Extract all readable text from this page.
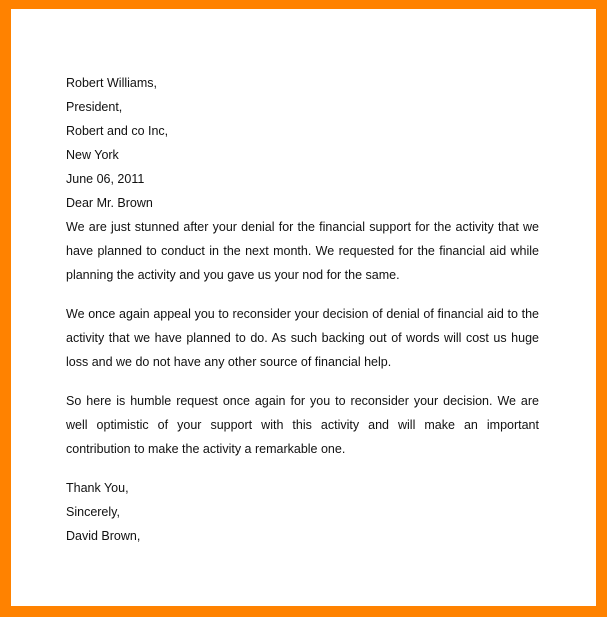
Robert Williams,
President,
Robert and co Inc,
New York
June 06, 2011
Dear Mr. Brown

We are just stunned after your denial for the financial support for the activity that we have planned to conduct in the next month. We requested for the financial aid while planning the activity and you gave us your nod for the same.

We once again appeal you to reconsider your decision of denial of financial aid to the activity that we have planned to do. As such backing out of words will cost us huge loss and we do not have any other source of financial help.

So here is humble request once again for you to reconsider your decision. We are well optimistic of your support with this activity and will make an important contribution to make the activity a remarkable one.

Thank You,
Sincerely,
David Brown,
